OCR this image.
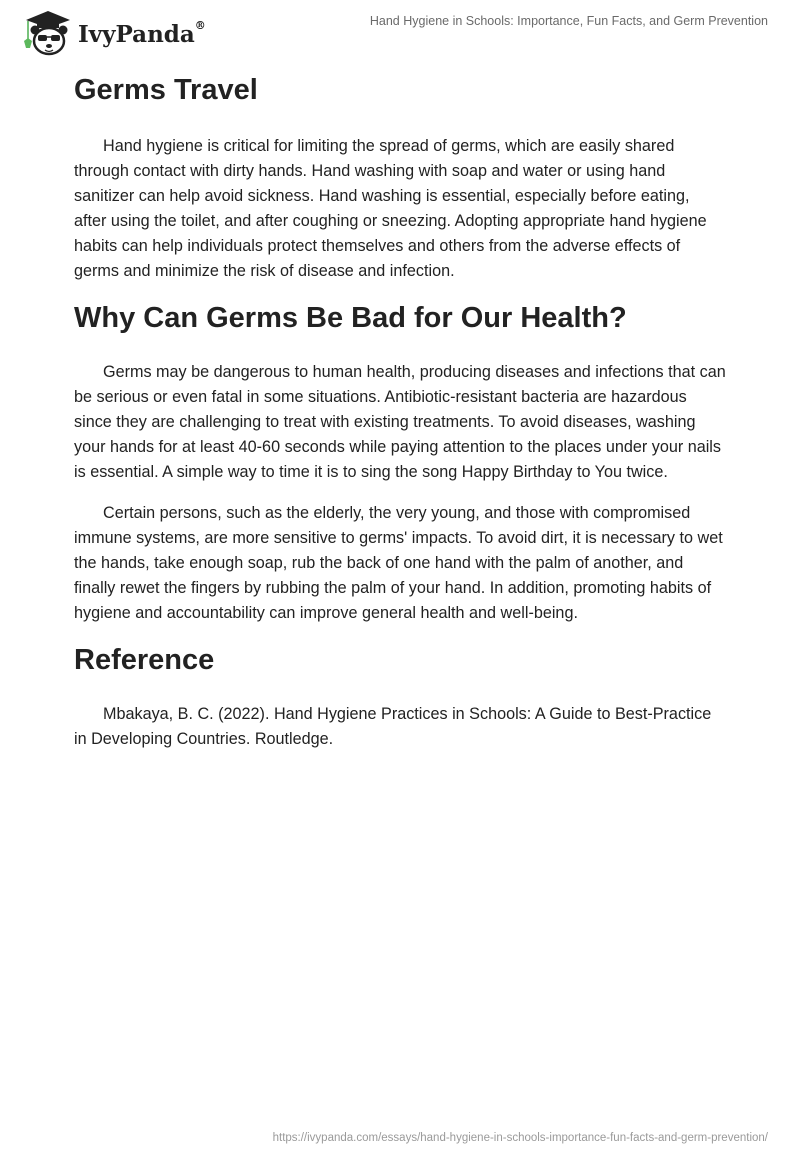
IvyPanda®	Hand Hygiene in Schools: Importance, Fun Facts, and Germ Prevention
Germs Travel

Hand hygiene is critical for limiting the spread of germs, which are easily shared through contact with dirty hands. Hand washing with soap and water or using hand sanitizer can help avoid sickness. Hand washing is essential, especially before eating, after using the toilet, and after coughing or sneezing. Adopting appropriate hand hygiene habits can help individuals protect themselves and others from the adverse effects of germs and minimize the risk of disease and infection.

Why Can Germs Be Bad for Our Health?

Germs may be dangerous to human health, producing diseases and infections that can be serious or even fatal in some situations. Antibiotic-resistant bacteria are hazardous since they are challenging to treat with existing treatments. To avoid diseases, washing your hands for at least 40-60 seconds while paying attention to the places under your nails is essential. A simple way to time it is to sing the song Happy Birthday to You twice.

Certain persons, such as the elderly, the very young, and those with compromised immune systems, are more sensitive to germs' impacts. To avoid dirt, it is necessary to wet the hands, take enough soap, rub the back of one hand with the palm of another, and finally rewet the fingers by rubbing the palm of your hand. In addition, promoting habits of hygiene and accountability can improve general health and well-being.

Reference

Mbakaya, B. C. (2022). Hand Hygiene Practices in Schools: A Guide to Best-Practice in Developing Countries. Routledge.

https://ivypanda.com/essays/hand-hygiene-in-schools-importance-fun-facts-and-germ-prevention/
